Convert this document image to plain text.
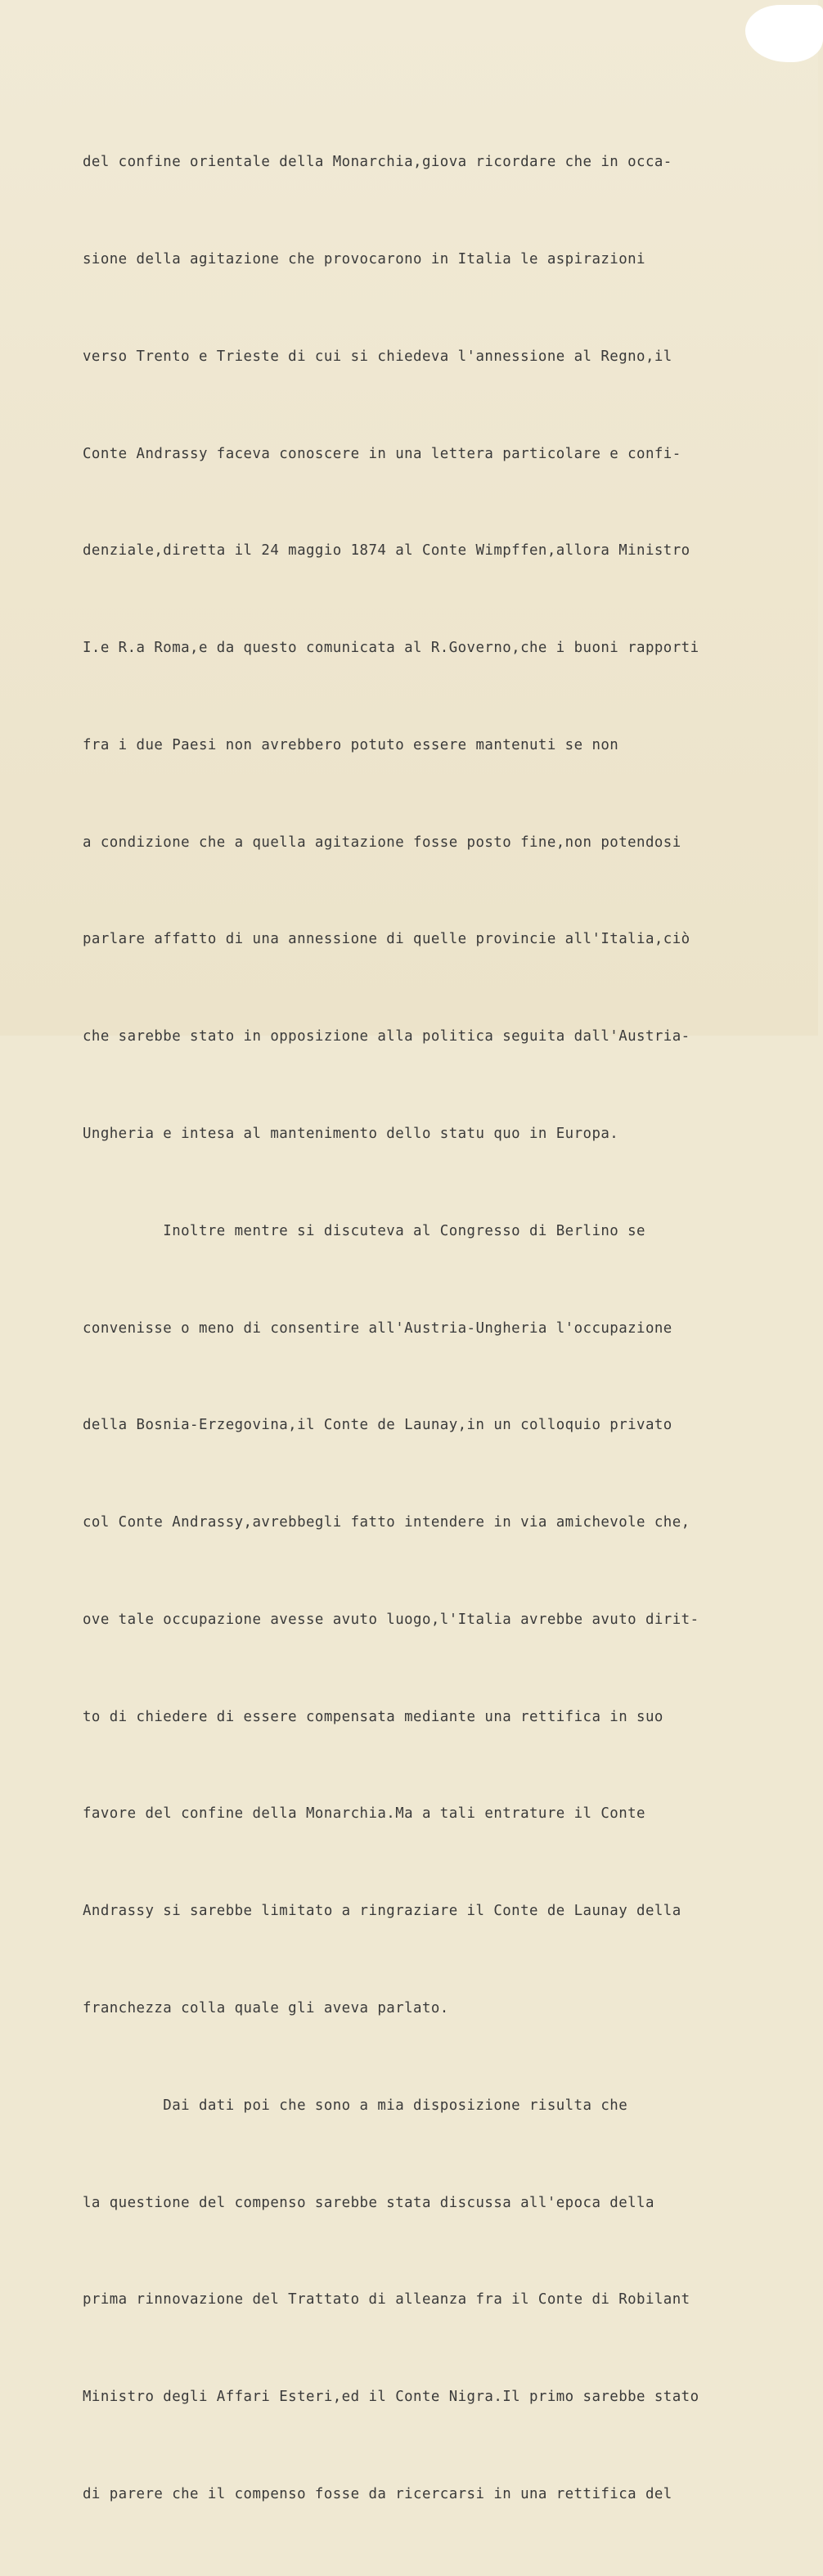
del confine orientale della Monarchia,giova ricordare che in occa-

sione della agitazione che provocarono in Italia le aspirazioni

verso Trento e Trieste di cui si chiedeva l'annessione al Regno,il

Conte Andrassy faceva conoscere in una lettera particolare e confi-

denziale,diretta il 24 maggio 1874 al Conte Wimpffen,allora Ministro

I.e R.a Roma,e da questo comunicata al R.Governo,che i buoni rapporti

fra i due Paesi non avrebbero potuto essere mantenuti se non

a condizione che a quella agitazione fosse posto fine,non potendosi

parlare affatto di una annessione di quelle provincie all'Italia,ciò

che sarebbe stato in opposizione alla politica seguita dall'Austria-

Ungheria e intesa al mantenimento dello statu quo in Europa.

Inoltre mentre si discuteva al Congresso di Berlino se

convenisse o meno di consentire all'Austria-Ungheria l'occupazione

della Bosnia-Erzegovina,il Conte de Launay,in un colloquio privato

col Conte Andrassy,avrebbegli fatto intendere in via amichevole che,

ove tale occupazione avesse avuto luogo,l'Italia avrebbe avuto dirit-

to di chiedere di essere compensata mediante una rettifica in suo

favore del confine della Monarchia.Ma a tali entrature il Conte

Andrassy si sarebbe limitato a ringraziare il Conte de Launay della

franchezza colla quale gli aveva parlato.

Dai dati poi che sono a mia disposizione risulta che

la questione del compenso sarebbe stata discussa all'epoca della

prima rinnovazione del Trattato di alleanza fra il Conte di Robilant

Ministro degli Affari Esteri,ed il Conte Nigra.Il primo sarebbe stato

di parere che il compenso fosse da ricercarsi in una rettifica del
